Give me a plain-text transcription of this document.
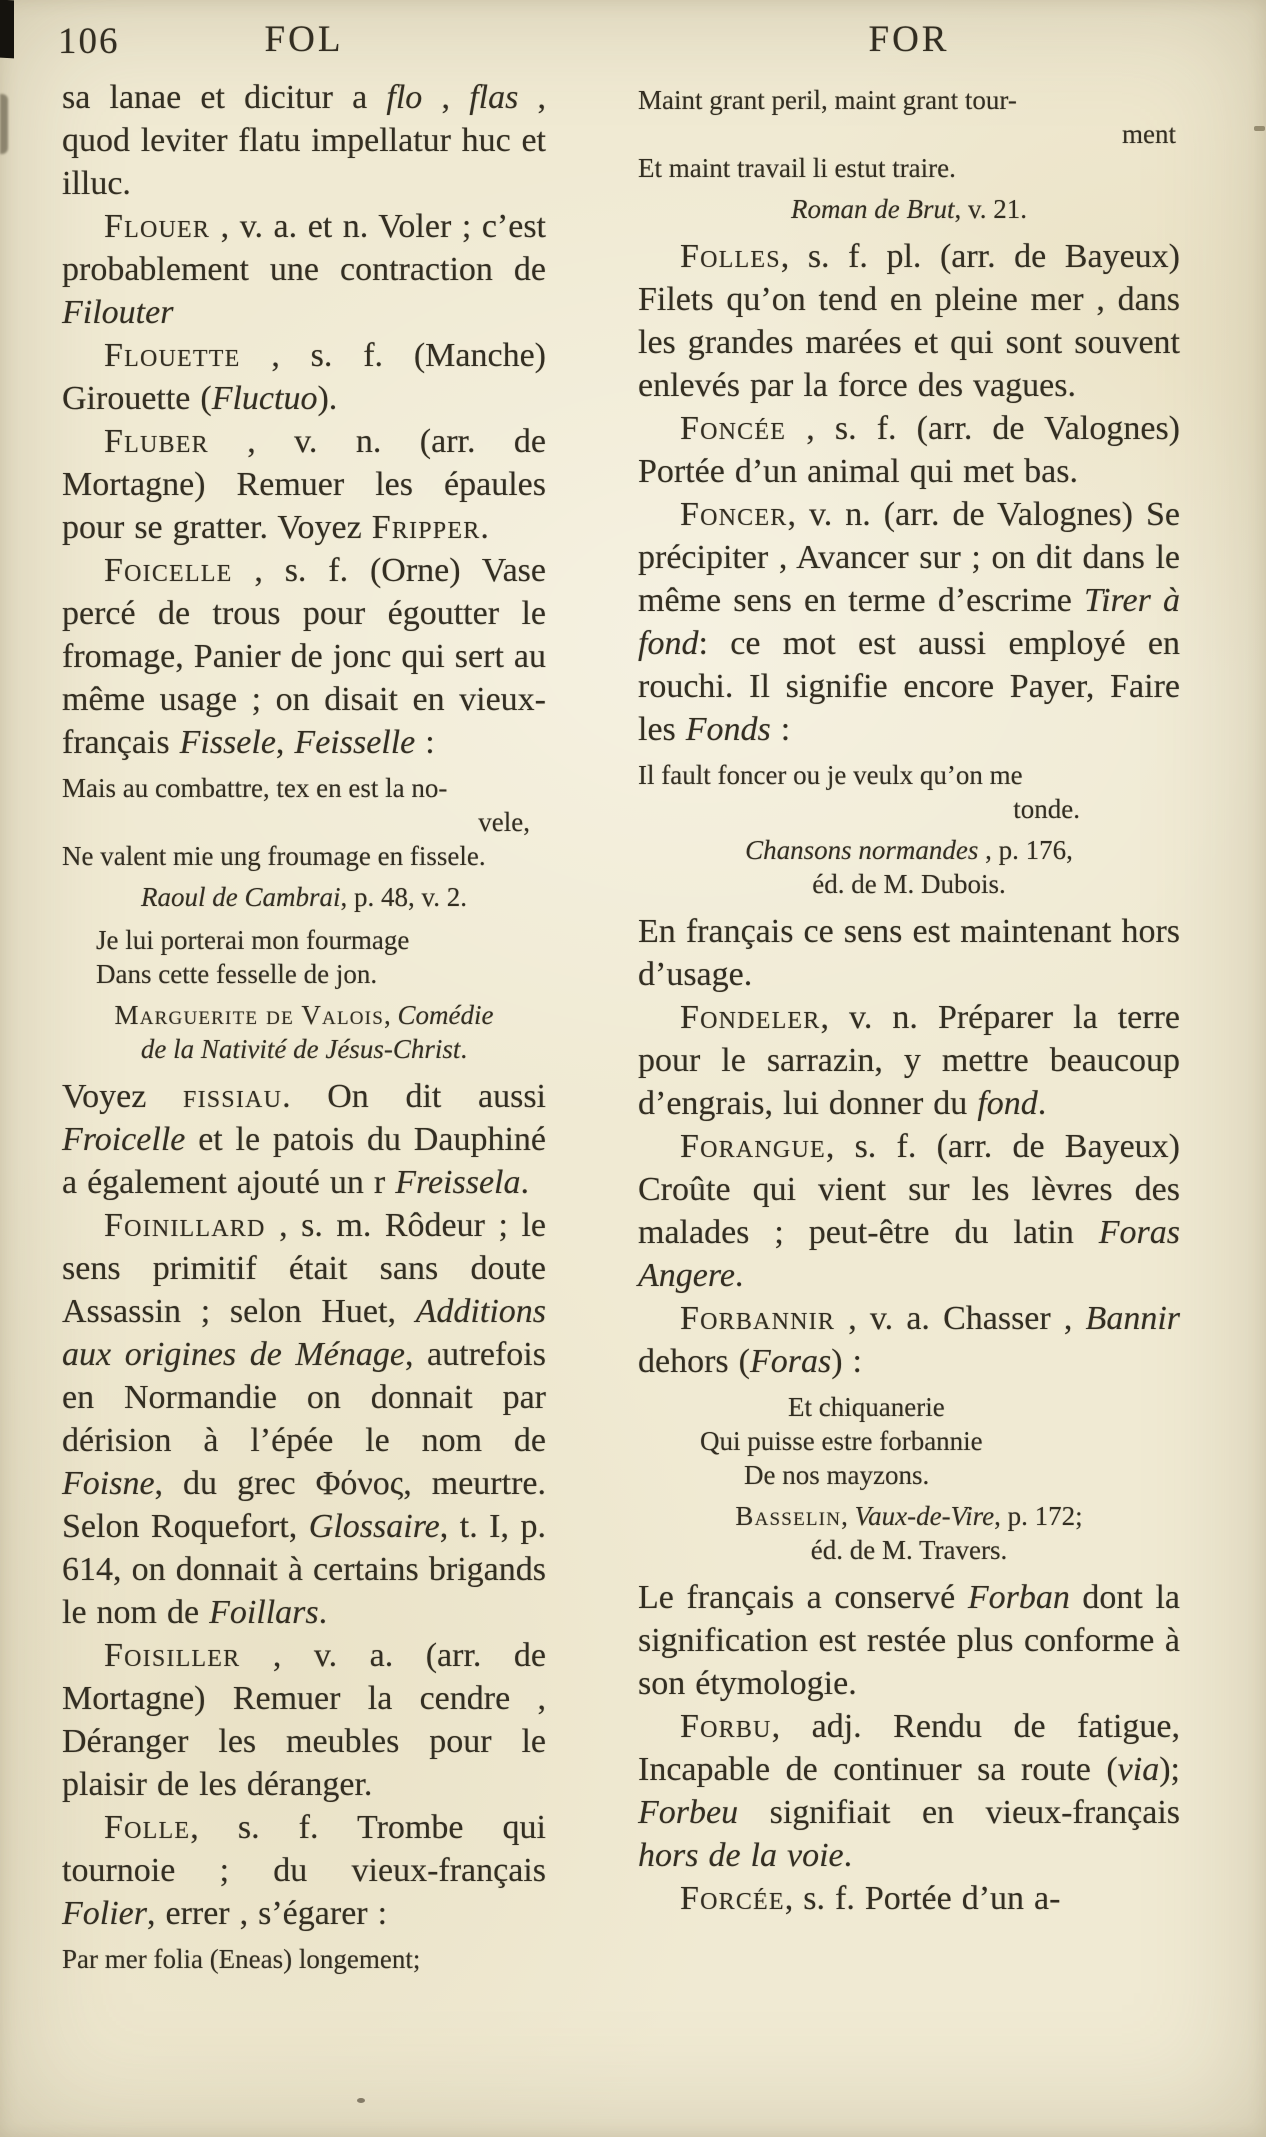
106	FOL	FOR
sa lanae et dicitur a flo , flas , quod leviter flatu impellatur huc et illuc.
Flouer , v. a. et n. Voler ; c’est probablement une contraction de Filouter
Flouette , s. f. (Manche) Girouette (Fluctuo).
Fluber , v. n. (arr. de Mortagne) Remuer les épaules pour se gratter. Voyez Fripper.
Foicelle , s. f. (Orne) Vase percé de trous pour égoutter le fromage, Panier de jonc qui sert au même usage ; on disait en vieux-français Fissele, Feisselle :
Mais au combattre, tex en est la no-
vele,
Ne valent mie ung froumage en fissele.
Raoul de Cambrai, p. 48, v. 2.
Je lui porterai mon fourmage
Dans cette fesselle de jon.
Marguerite de Valois, Comédie
de la Nativité de Jésus-Christ.
Voyez fissiau. On dit aussi Froicelle et le patois du Dauphiné a également ajouté un r Freissela.
Foinillard , s. m. Rôdeur ; le sens primitif était sans doute Assassin ; selon Huet, Additions aux origines de Ménage, autrefois en Normandie on donnait par dérision à l’épée le nom de Foisne, du grec Φόνος, meurtre. Selon Roquefort, Glossaire, t. I, p. 614, on donnait à certains brigands le nom de Foillars.
Foisiller , v. a. (arr. de Mortagne) Remuer la cendre , Déranger les meubles pour le plaisir de les déranger.
Folle, s. f. Trombe qui tournoie ; du vieux-français Folier, errer , s’égarer :
Par mer folia (Eneas) longement;
Maint grant peril, maint grant tour-
ment
Et maint travail li estut traire.
Roman de Brut, v. 21.
Folles, s. f. pl. (arr. de Bayeux) Filets qu’on tend en pleine mer , dans les grandes marées et qui sont souvent enlevés par la force des vagues.
Foncée , s. f. (arr. de Valognes) Portée d’un animal qui met bas.
Foncer, v. n. (arr. de Valognes) Se précipiter , Avancer sur ; on dit dans le même sens en terme d’escrime Tirer à fond: ce mot est aussi employé en rouchi. Il signifie encore Payer, Faire les Fonds :
Il fault foncer ou je veulx qu’on me
tonde.
Chansons normandes , p. 176,
éd. de M. Dubois.
En français ce sens est maintenant hors d’usage.
Fondeler, v. n. Préparer la terre pour le sarrazin, y mettre beaucoup d’engrais, lui donner du fond.
Forangue, s. f. (arr. de Bayeux) Croûte qui vient sur les lèvres des malades ; peut-être du latin Foras Angere.
Forbannir , v. a. Chasser , Bannir dehors (Foras) :
Et chiquanerie
Qui puisse estre forbannie
De nos mayzons.
Basselin, Vaux-de-Vire, p. 172;
éd. de M. Travers.
Le français a conservé Forban dont la signification est restée plus conforme à son étymologie.
Forbu, adj. Rendu de fatigue, Incapable de continuer sa route (via); Forbeu signifiait en vieux-français hors de la voie.
Forcée, s. f. Portée d’un a-
